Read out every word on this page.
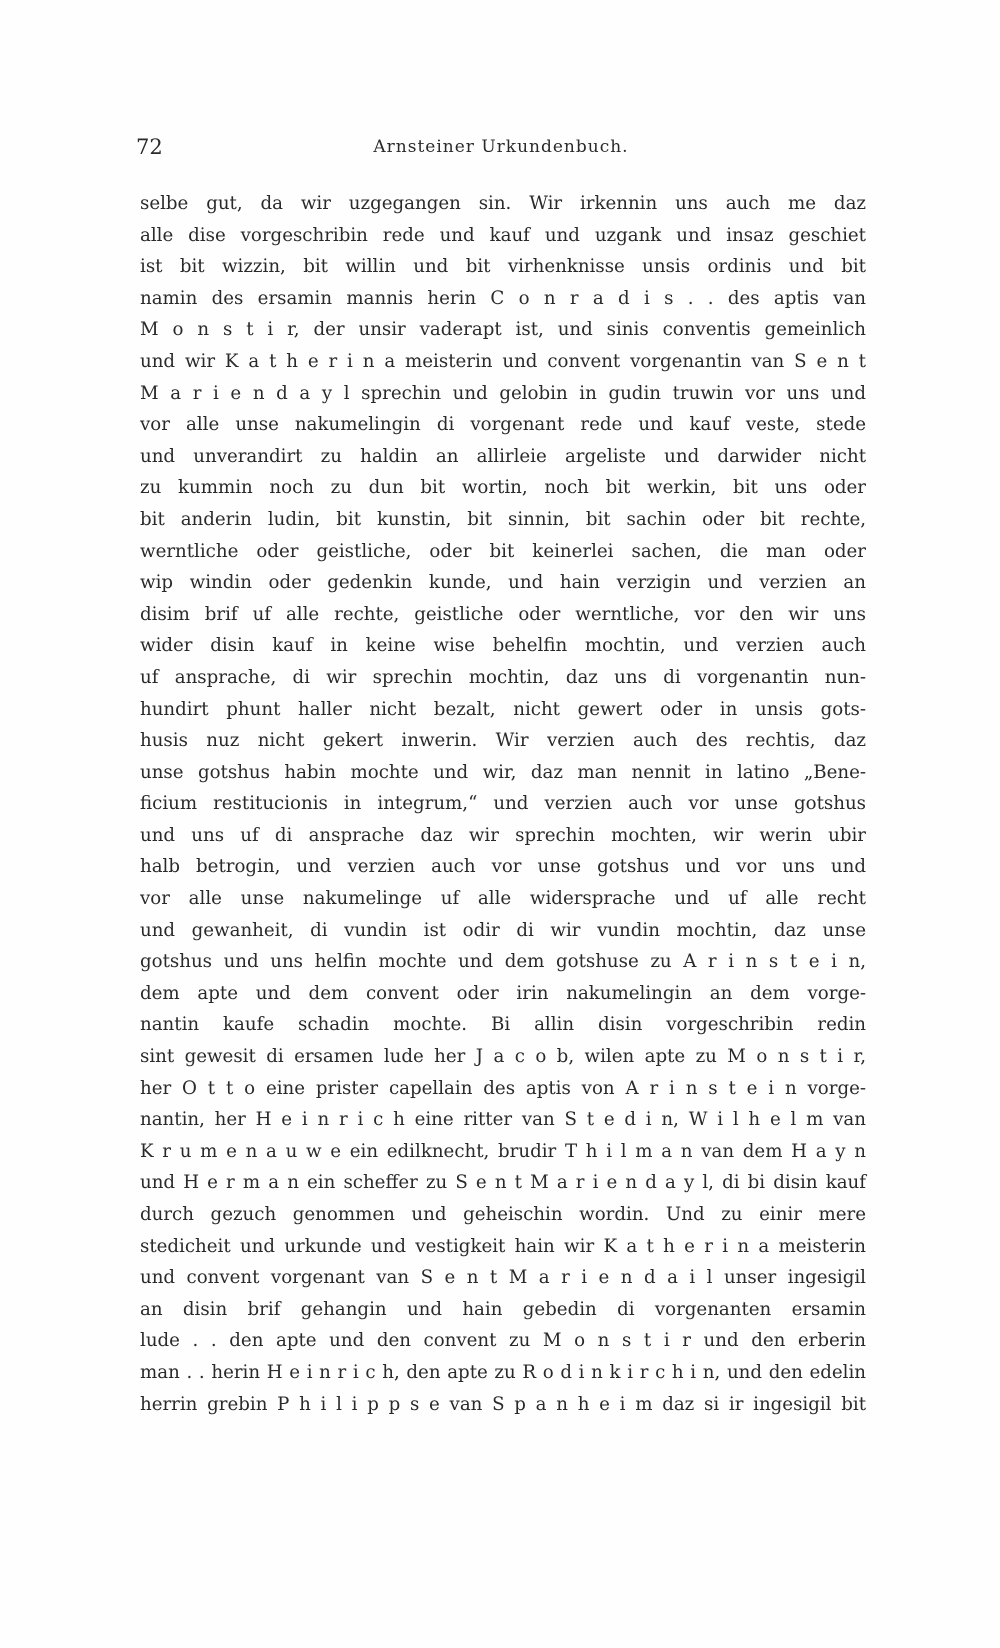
72	Arnsteiner Urkundenbuch.
selbe gut, da wir uzgegangen sin. Wir irkennin uns auch me daz
alle dise vorgeschribin rede und kauf und uzgank und insaz geschiet
ist bit wizzin, bit willin und bit virhenknisse unsis ordinis und bit
namin des ersamin mannis herin C o n r a d i s . . des aptis van
M o n s t i r, der unsir vaderapt ist, und sinis conventis gemeinlich
und wir K a t h e r i n a meisterin und convent vorgenantin van S e n t
M a r i e n d a y l sprechin und gelobin in gudin truwin vor uns und
vor alle unse nakumelingin di vorgenant rede und kauf veste, stede
und unverandirt zu haldin an allirleie argeliste und darwider nicht
zu kummin noch zu dun bit wortin, noch bit werkin, bit uns oder
bit anderin ludin, bit kunstin, bit sinnin, bit sachin oder bit rechte,
werntliche oder geistliche, oder bit keinerlei sachen, die man oder
wip windin oder gedenkin kunde, und hain verzigin und verzien an
disim brif uf alle rechte, geistliche oder werntliche, vor den wir uns
wider disin kauf in keine wise behelfin mochtin, und verzien auch
uf ansprache, di wir sprechin mochtin, daz uns di vorgenantin nun-
hundirt phunt haller nicht bezalt, nicht gewert oder in unsis gots-
husis nuz nicht gekert inwerin. Wir verzien auch des rechtis, daz
unse gotshus habin mochte und wir, daz man nennit in latino „Bene-
ficium restitucionis in integrum,“ und verzien auch vor unse gotshus
und uns uf di ansprache daz wir sprechin mochten, wir werin ubir
halb betrogin, und verzien auch vor unse gotshus und vor uns und
vor alle unse nakumelinge uf alle widersprache und uf alle recht
und gewanheit, di vundin ist odir di wir vundin mochtin, daz unse
gotshus und uns helfin mochte und dem gotshuse zu A r i n s t e i n,
dem apte und dem convent oder irin nakumelingin an dem vorge-
nantin kaufe schadin mochte. Bi allin disin vorgeschribin redin
sint gewesit di ersamen lude her J a c o b, wilen apte zu M o n s t i r,
her O t t o eine prister capellain des aptis von A r i n s t e i n vorge-
nantin, her H e i n r i c h eine ritter van S t e d i n, W i l h e l m van
K r u m e n a u w e ein edilknecht, brudir T h i l m a n van dem H a y n
und H e r m a n ein scheffer zu S e n t M a r i e n d a y l, di bi disin kauf
durch gezuch genommen und geheischin wordin. Und zu einir mere
stedicheit und urkunde und vestigkeit hain wir K a t h e r i n a meisterin
und convent vorgenant van S e n t M a r i e n d a i l unser ingesigil
an disin brif gehangin und hain gebedin di vorgenanten ersamin
lude . . den apte und den convent zu M o n s t i r und den erberin
man . . herin H e i n r i c h, den apte zu R o d i n k i r c h i n, und den edelin
herrin grebin P h i l i p p s e van S p a n h e i m daz si ir ingesigil bit
